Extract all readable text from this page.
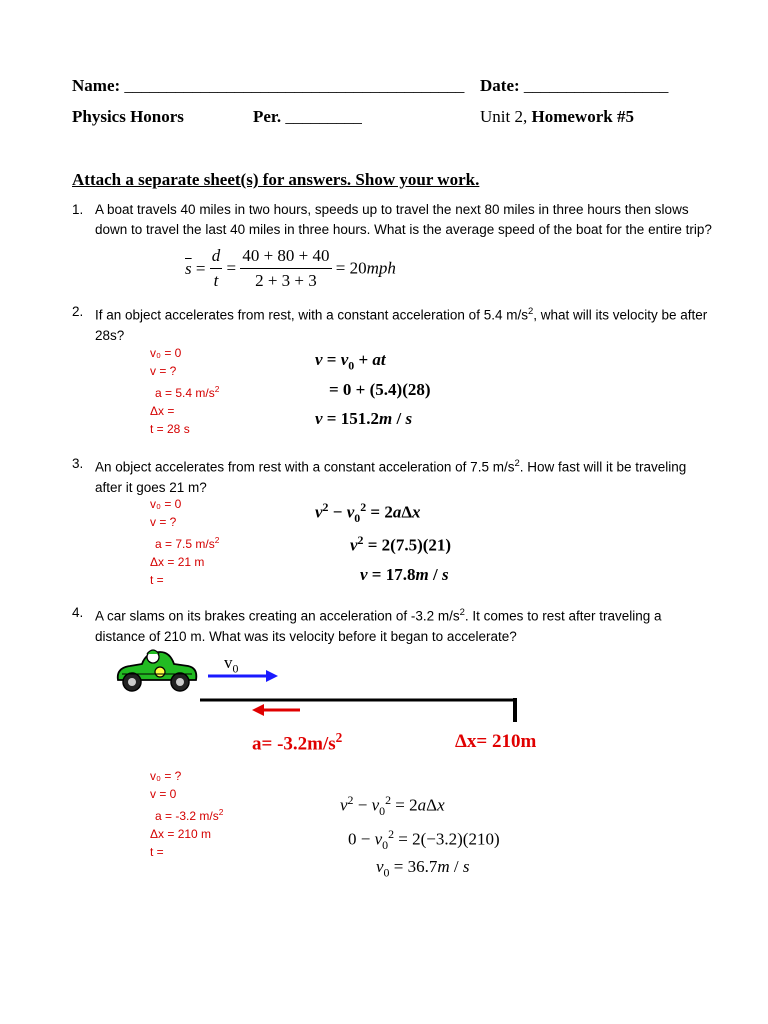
Name: ________________________________________ Date: _________________
Physics Honors	Per. _________	Unit 2, Homework #5
Attach a separate sheet(s) for answers. Show your work.
1. A boat travels 40 miles in two hours, speeds up to travel the next 80 miles in three hours then slows down to travel the last 40 miles in three hours. What is the average speed of the boat for the entire trip?
$\overline{s} = \frac{d}{t} = \frac{40 + 80 + 40}{2 + 3 + 3} = 20mph$
2. If an object accelerates from rest, with a constant acceleration of 5.4 $m/s^2$, what will its velocity be after 28s?
v₀ = 0
v = ?
a = 5.4 $m/s^2$
Δx =
t = 28 s
$v = v_0$ + at
= 0 + (5.4)(28)
v = 151.2m / s
3. An object accelerates from rest with a constant acceleration of 7.5 $m/s^2$. How fast will it be traveling after it goes 21 m?
v₀ = 0
v = ?
a = 7.5 $m/s^2$
Δx = 21 m
t =
$v^2 - v_0^2 = 2a\Delta x$
$v^2 = 2(7.5)(21)$
v = 17.8m / s
4. A car slams on its brakes creating an acceleration of -3.2 $m/s^2$. It comes to rest after traveling a distance of 210 m. What was its velocity before it began to accelerate?
$v_0$
$a= -3.2m/s^2$	Δx= 210m
v₀ = ?
v = 0
a = -3.2 $m/s^2$
Δx = 210 m
t =
$v^2 - v_0^2 = 2a\Delta x$
$0 - v_0^2 = 2(-3.2)(210)$
$v_0 = 36.7m / s$
